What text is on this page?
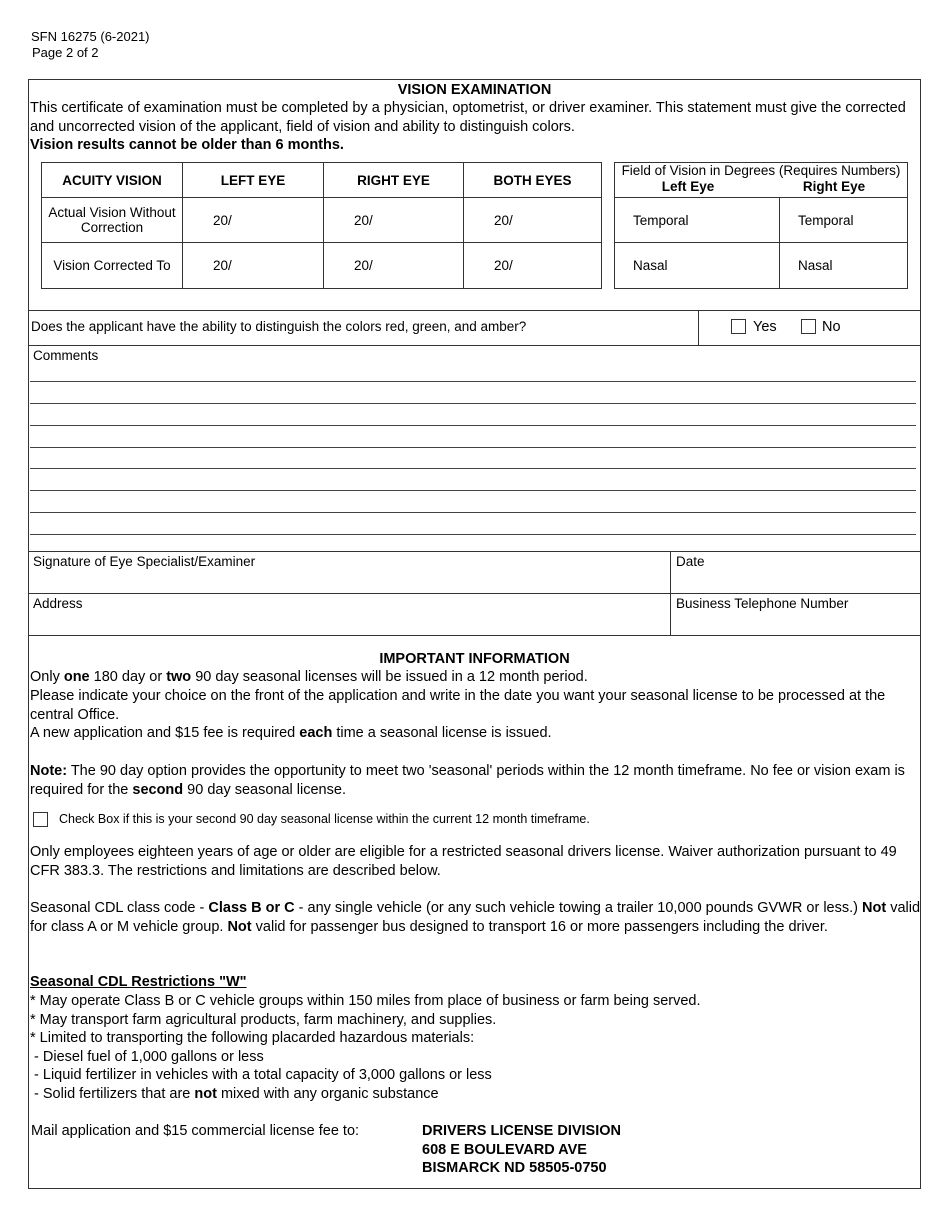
SFN 16275 (6-2021)
Page 2 of 2
VISION EXAMINATION
This certificate of examination must be completed by a physician, optometrist, or driver examiner. This statement must give the corrected and uncorrected vision of the applicant, field of vision and ability to distinguish colors.
Vision results cannot be older than 6 months.
ACUITY VISION	LEFT EYE	RIGHT EYE	BOTH EYES
Actual Vision Without Correction	20/	20/	20/
Vision Corrected To	20/	20/	20/
Field of Vision in Degrees (Requires Numbers)
Left Eye Right Eye	

Temporal	Temporal
Nasal	Nasal
Does the applicant have the ability to distinguish the colors red, green, and amber?	Yes	No
Comments
Signature of Eye Specialist/Examiner	Date
Address	Business Telephone Number
IMPORTANT INFORMATION
Only one 180 day or two 90 day seasonal licenses will be issued in a 12 month period.
Please indicate your choice on the front of the application and write in the date you want your seasonal license to be processed at the central Office.
A new application and $15 fee is required each time a seasonal license is issued.
Note: The 90 day option provides the opportunity to meet two 'seasonal' periods within the 12 month timeframe. No fee or vision exam is required for the second 90 day seasonal license.
Check Box if this is your second 90 day seasonal license within the current 12 month timeframe.
Only employees eighteen years of age or older are eligible for a restricted seasonal drivers license. Waiver authorization pursuant to 49 CFR 383.3. The restrictions and limitations are described below.
Seasonal CDL class code - Class B or C - any single vehicle (or any such vehicle towing a trailer 10,000 pounds GVWR or less.) Not valid for class A or M vehicle group. Not valid for passenger bus designed to transport 16 or more passengers including the driver.
Seasonal CDL Restrictions "W"
* May operate Class B or C vehicle groups within 150 miles from place of business or farm being served.
* May transport farm agricultural products, farm machinery, and supplies.
* Limited to transporting the following placarded hazardous materials:
- Diesel fuel of 1,000 gallons or less
- Liquid fertilizer in vehicles with a total capacity of 3,000 gallons or less
- Solid fertilizers that are not mixed with any organic substance
Mail application and $15 commercial license fee to:	DRIVERS LICENSE DIVISION
608 E BOULEVARD AVE
BISMARCK ND 58505-0750
